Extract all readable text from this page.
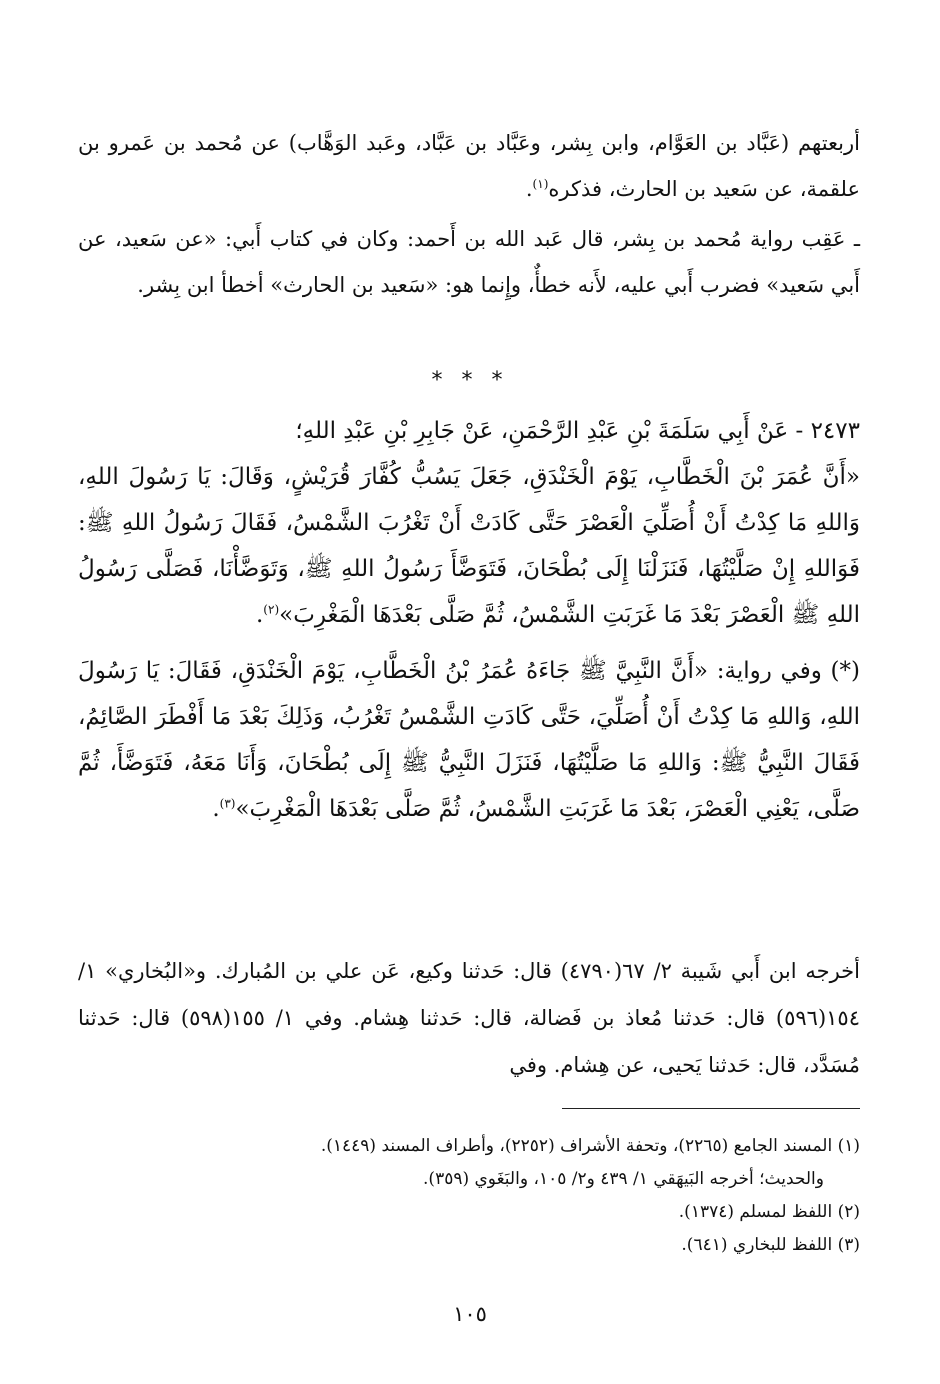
أربعتهم (عَبَّاد بن العَوَّام، وابن بِشر، وعَبَّاد بن عَبَّاد، وعَبد الوَهَّاب) عن مُحمد بن عَمرو بن علقمة، عن سَعيد بن الحارث، فذكره$^{(١)}$.

ـ عَقِب رواية مُحمد بن بِشر، قال عَبد الله بن أَحمد: وكان في كتاب أَبي: «عن سَعيد، عن أَبي سَعيد» فضرب أَبي عليه، لأَنه خطأٌ، وإِنما هو: «سَعيد بن الحارث» أخطأ ابن بِشر.

* * *

٢٤٧٣ - عَنْ أَبِي سَلَمَةَ بْنِ عَبْدِ الرَّحْمَنِ، عَنْ جَابِرِ بْنِ عَبْدِ اللهِ؛

«أَنَّ عُمَرَ بْنَ الْخَطَّابِ، يَوْمَ الْخَنْدَقِ، جَعَلَ يَسُبُّ كُفَّارَ قُرَيْشٍ، وَقَالَ: يَا رَسُولَ اللهِ، وَاللهِ مَا كِدْتُ أَنْ أُصَلِّيَ الْعَصْرَ حَتَّى كَادَتْ أَنْ تَغْرُبَ الشَّمْسُ، فَقَالَ رَسُولُ اللهِ ﷺ: فَوَاللهِ إِنْ صَلَّيْتُهَا، فَنَزَلْنَا إِلَى بُطْحَانَ، فَتَوَضَّأَ رَسُولُ اللهِ ﷺ، وَتَوَضَّأْنَا، فَصَلَّى رَسُولُ اللهِ ﷺ الْعَصْرَ بَعْدَ مَا غَرَبَتِ الشَّمْسُ، ثُمَّ صَلَّى بَعْدَهَا الْمَغْرِبَ»$^{(٢)}$.

(*) وفي رواية: «أَنَّ النَّبِيَّ ﷺ جَاءَهُ عُمَرُ بْنُ الْخَطَّابِ، يَوْمَ الْخَنْدَقِ، فَقَالَ: يَا رَسُولَ اللهِ، وَاللهِ مَا كِدْتُ أَنْ أُصَلِّيَ، حَتَّى كَادَتِ الشَّمْسُ تَغْرُبُ، وَذَلِكَ بَعْدَ مَا أَفْطَرَ الصَّائِمُ، فَقَالَ النَّبِيُّ ﷺ: وَاللهِ مَا صَلَّيْتُهَا، فَنَزَلَ النَّبِيُّ ﷺ إِلَى بُطْحَانَ، وَأَنَا مَعَهُ، فَتَوَضَّأَ، ثُمَّ صَلَّى، يَعْنِي الْعَصْرَ، بَعْدَ مَا غَرَبَتِ الشَّمْسُ، ثُمَّ صَلَّى بَعْدَهَا الْمَغْرِبَ»$^{(٣)}$.

أخرجه ابن أَبي شَيبة ٢/ ٦٧(٤٧٩٠) قال: حَدثنا وكيع، عَن علي بن المُبارك. و«البُخاري» ١/ ١٥٤(٥٩٦) قال: حَدثنا مُعاذ بن فَضالة، قال: حَدثنا هِشام. وفي ١/ ١٥٥(٥٩٨) قال: حَدثنا مُسَدَّد، قال: حَدثنا يَحيى، عن هِشام. وفي

(١) المسند الجامع (٢٢٦٥)، وتحفة الأشراف (٢٢٥٢)، وأطراف المسند (١٤٤٩).

والحديث؛ أخرجه البَيهَقي ١/ ٤٣٩ و٢/ ١٠٥، والبَغَوي (٣٥٩).

(٢) اللفظ لمسلم (١٣٧٤).

(٣) اللفظ للبخاري (٦٤١).

١٠٥
